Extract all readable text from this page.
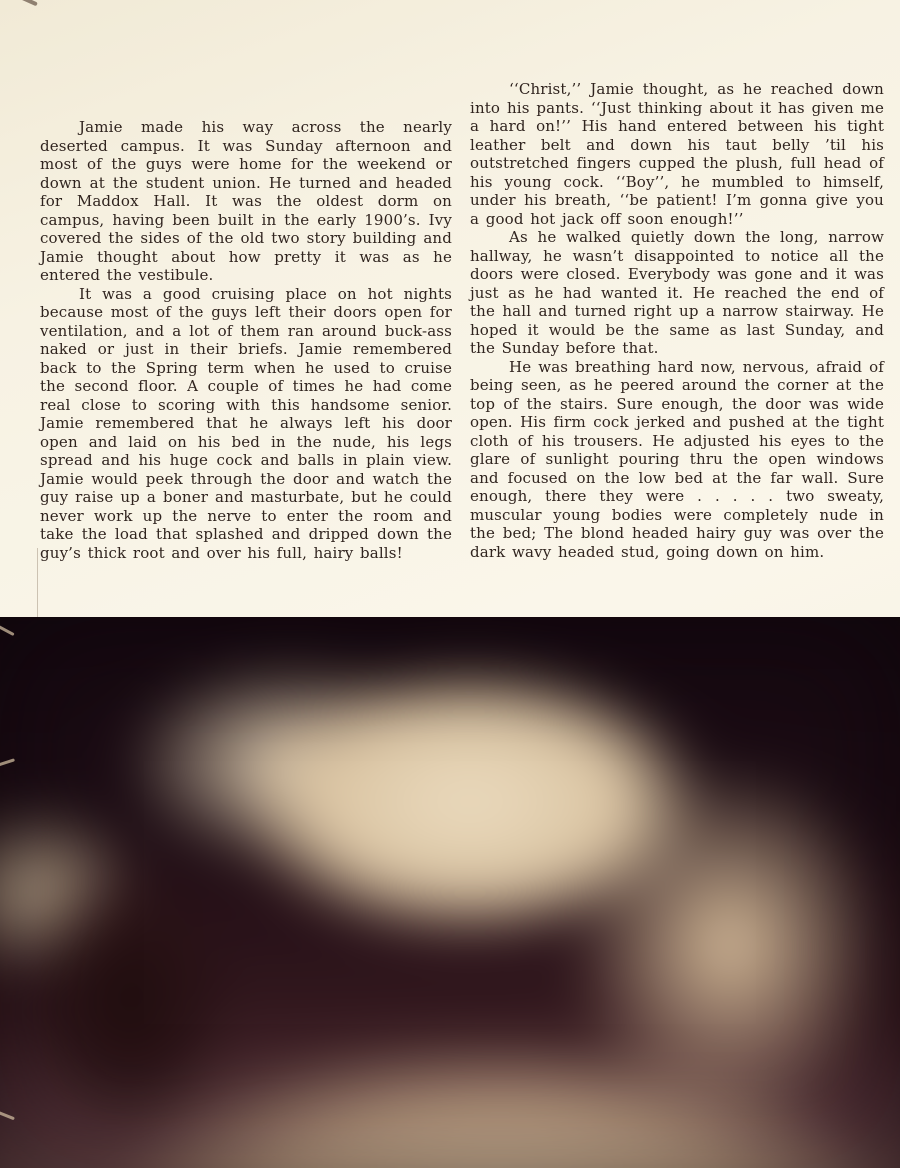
Jamie made his way across the nearly deserted campus. It was Sunday afternoon and most of the guys were home for the weekend or down at the student union. He turned and headed for Maddox Hall. It was the oldest dorm on campus, having been built in the early 1900’s. Ivy covered the sides of the old two story building and Jamie thought about how pretty it was as he entered the vestibule.

It was a good cruising place on hot nights because most of the guys left their doors open for ventilation, and a lot of them ran around buck-ass naked or just in their briefs. Jamie remembered back to the Spring term when he used to cruise the second floor. A couple of times he had come real close to scoring with this handsome senior. Jamie remembered that he always left his door open and laid on his bed in the nude, his legs spread and his huge cock and balls in plain view. Jamie would peek through the door and watch the guy raise up a boner and masturbate, but he could never work up the nerve to enter the room and take the load that splashed and dripped down the guy’s thick root and over his full, hairy balls!

‘‘Christ,’’ Jamie thought, as he reached down into his pants. ‘‘Just thinking about it has given me a hard on!’’ His hand entered between his tight leather belt and down his taut belly ’til his outstretched fingers cupped the plush, full head of his young cock. ‘‘Boy’’, he mumbled to himself, under his breath, ‘‘be patient! I’m gonna give you a good hot jack off soon enough!’’

As he walked quietly down the long, narrow hallway, he wasn’t disappointed to notice all the doors were closed. Everybody was gone and it was just as he had wanted it. He reached the end of the hall and turned right up a narrow stairway. He hoped it would be the same as last Sunday, and the Sunday before that.

He was breathing hard now, nervous, afraid of being seen, as he peered around the corner at the top of the stairs. Sure enough, the door was wide open. His firm cock jerked and pushed at the tight cloth of his trousers. He adjusted his eyes to the glare of sunlight pouring thru the open windows and focused on the low bed at the far wall. Sure enough, there they were . . . . . two sweaty, muscular young bodies were completely nude in the bed; The blond headed hairy guy was over the dark wavy headed stud, going down on him.
